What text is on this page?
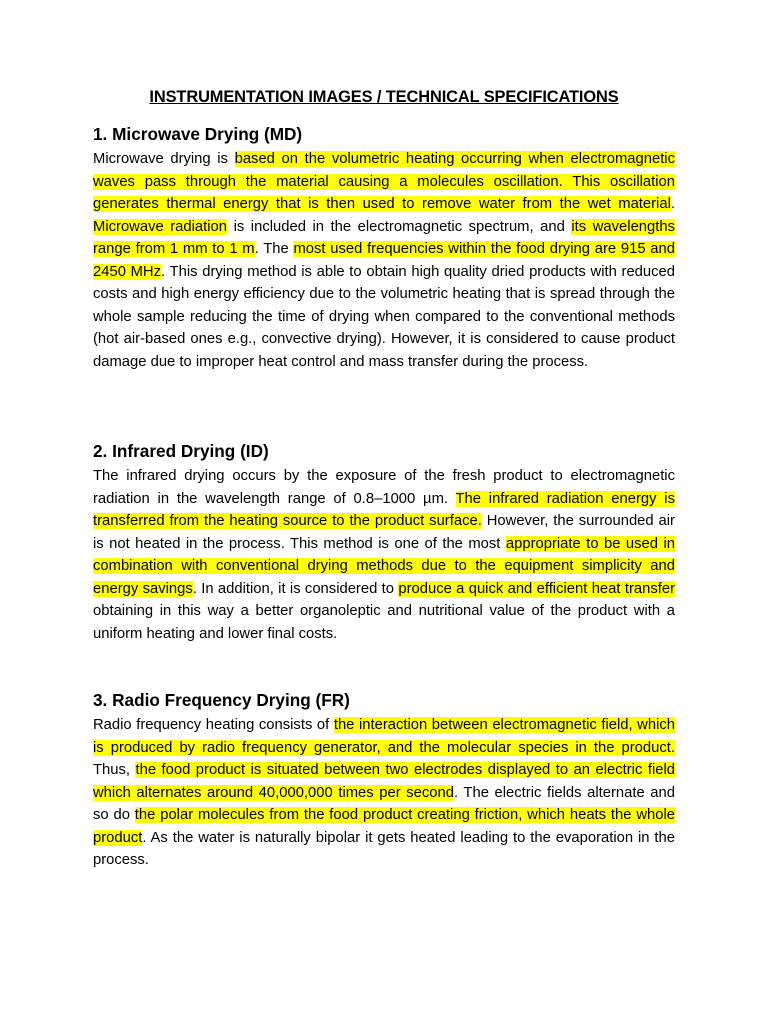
INSTRUMENTATION IMAGES / TECHNICAL SPECIFICATIONS
1. Microwave Drying (MD)
Microwave drying is based on the volumetric heating occurring when electromagnetic waves pass through the material causing a molecules oscillation. This oscillation generates thermal energy that is then used to remove water from the wet material. Microwave radiation is included in the electromagnetic spectrum, and its wavelengths range from 1 mm to 1 m. The most used frequencies within the food drying are 915 and 2450 MHz. This drying method is able to obtain high quality dried products with reduced costs and high energy efficiency due to the volumetric heating that is spread through the whole sample reducing the time of drying when compared to the conventional methods (hot air-based ones e.g., convective drying). However, it is considered to cause product damage due to improper heat control and mass transfer during the process.
2. Infrared Drying (ID)
The infrared drying occurs by the exposure of the fresh product to electromagnetic radiation in the wavelength range of 0.8–1000 µm. The infrared radiation energy is transferred from the heating source to the product surface. However, the surrounded air is not heated in the process. This method is one of the most appropriate to be used in combination with conventional drying methods due to the equipment simplicity and energy savings. In addition, it is considered to produce a quick and efficient heat transfer obtaining in this way a better organoleptic and nutritional value of the product with a uniform heating and lower final costs.
3. Radio Frequency Drying (FR)
Radio frequency heating consists of the interaction between electromagnetic field, which is produced by radio frequency generator, and the molecular species in the product. Thus, the food product is situated between two electrodes displayed to an electric field which alternates around 40,000,000 times per second. The electric fields alternate and so do the polar molecules from the food product creating friction, which heats the whole product. As the water is naturally bipolar it gets heated leading to the evaporation in the process.
